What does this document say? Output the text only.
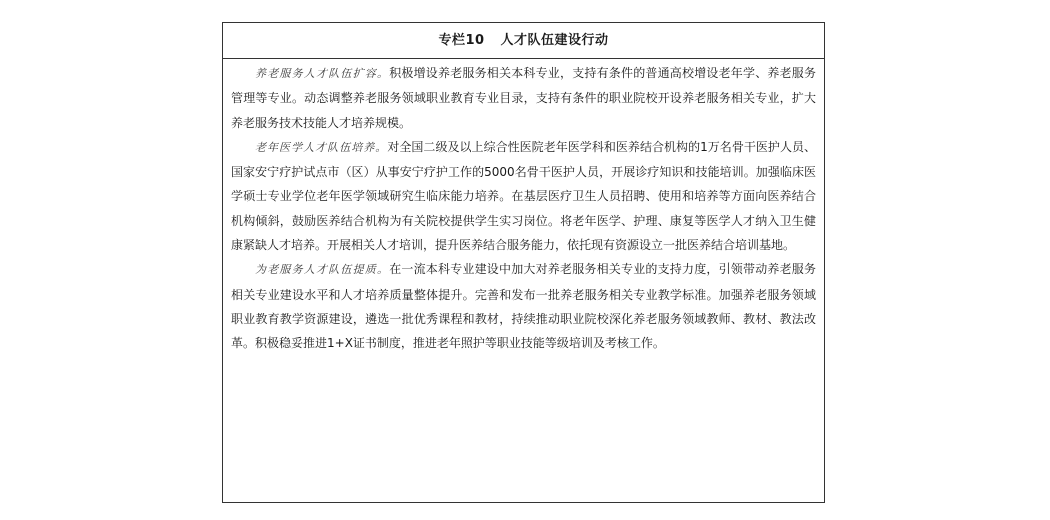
专栏10 人才队伍建设行动

养老服务人才队伍扩容。积极增设养老服务相关本科专业，支持有条件的普通高校增设老年学、养老服务管理等专业。动态调整养老服务领域职业教育专业目录，支持有条件的职业院校开设养老服务相关专业，扩大养老服务技术技能人才培养规模。

老年医学人才队伍培养。对全国二级及以上综合性医院老年医学科和医养结合机构的1万名骨干医护人员、国家安宁疗护试点市（区）从事安宁疗护工作的5000名骨干医护人员，开展诊疗知识和技能培训。加强临床医学硕士专业学位老年医学领域研究生临床能力培养。在基层医疗卫生人员招聘、使用和培养等方面向医养结合机构倾斜，鼓励医养结合机构为有关院校提供学生实习岗位。将老年医学、护理、康复等医学人才纳入卫生健康紧缺人才培养。开展相关人才培训，提升医养结合服务能力，依托现有资源设立一批医养结合培训基地。

为老服务人才队伍提质。在一流本科专业建设中加大对养老服务相关专业的支持力度，引领带动养老服务相关专业建设水平和人才培养质量整体提升。完善和发布一批养老服务相关专业教学标准。加强养老服务领域职业教育教学资源建设，遴选一批优秀课程和教材，持续推动职业院校深化养老服务领域教师、教材、教法改革。积极稳妥推进1+X证书制度，推进老年照护等职业技能等级培训及考核工作。
